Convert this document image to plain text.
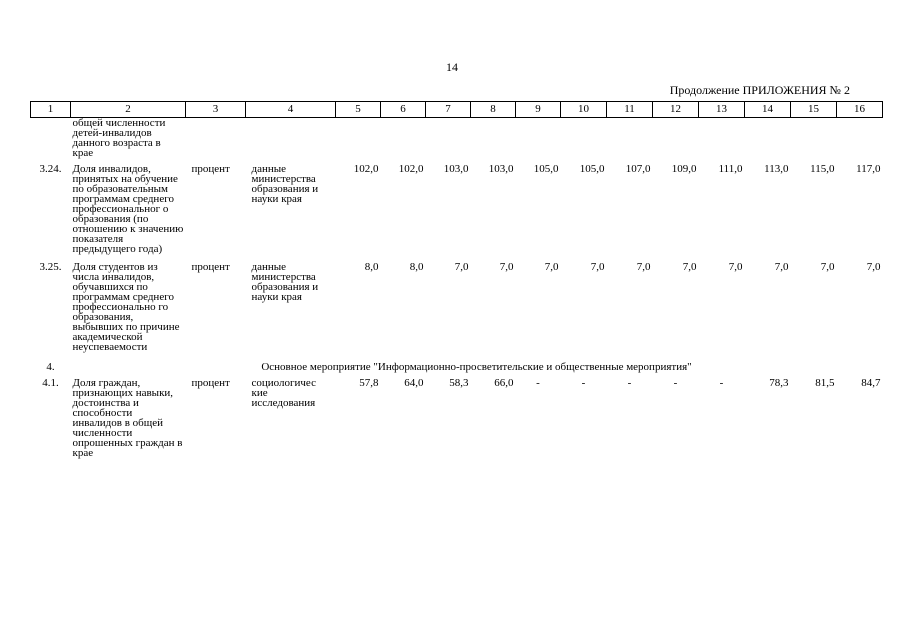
14
Продолжение ПРИЛОЖЕНИЯ № 2
1	2	3	4	5	6	7	8	9	10	11	12	13	14	15	16
	общей численности детей-инвалидов данного возраста в крае														
3.24.	Доля инвалидов, принятых на обучение по образовательным программам среднего профессиональног о образования (по отношению к значению показателя предыдущего года)	процент	данные министерства образования и науки края	102,0	102,0	103,0	103,0	105,0	105,0	107,0	109,0	111,0	113,0	115,0	117,0
3.25.	Доля студентов из числа инвалидов, обучавшихся по программам среднего профессионально го образования, выбывших по причине академической неуспеваемости	процент	данные министерства образования и науки края	8,0	8,0	7,0	7,0	7,0	7,0	7,0	7,0	7,0	7,0	7,0	7,0
4.	Основное мероприятие "Информационно-просветительские и общественные мероприятия"														
4.1.	Доля граждан, признающих навыки, достоинства и способности инвалидов в общей численности опрошенных граждан в крае	процент	социологичес кие исследования	57,8	64,0	58,3	66,0	-	-	-	-	-	78,3	81,5	84,7
